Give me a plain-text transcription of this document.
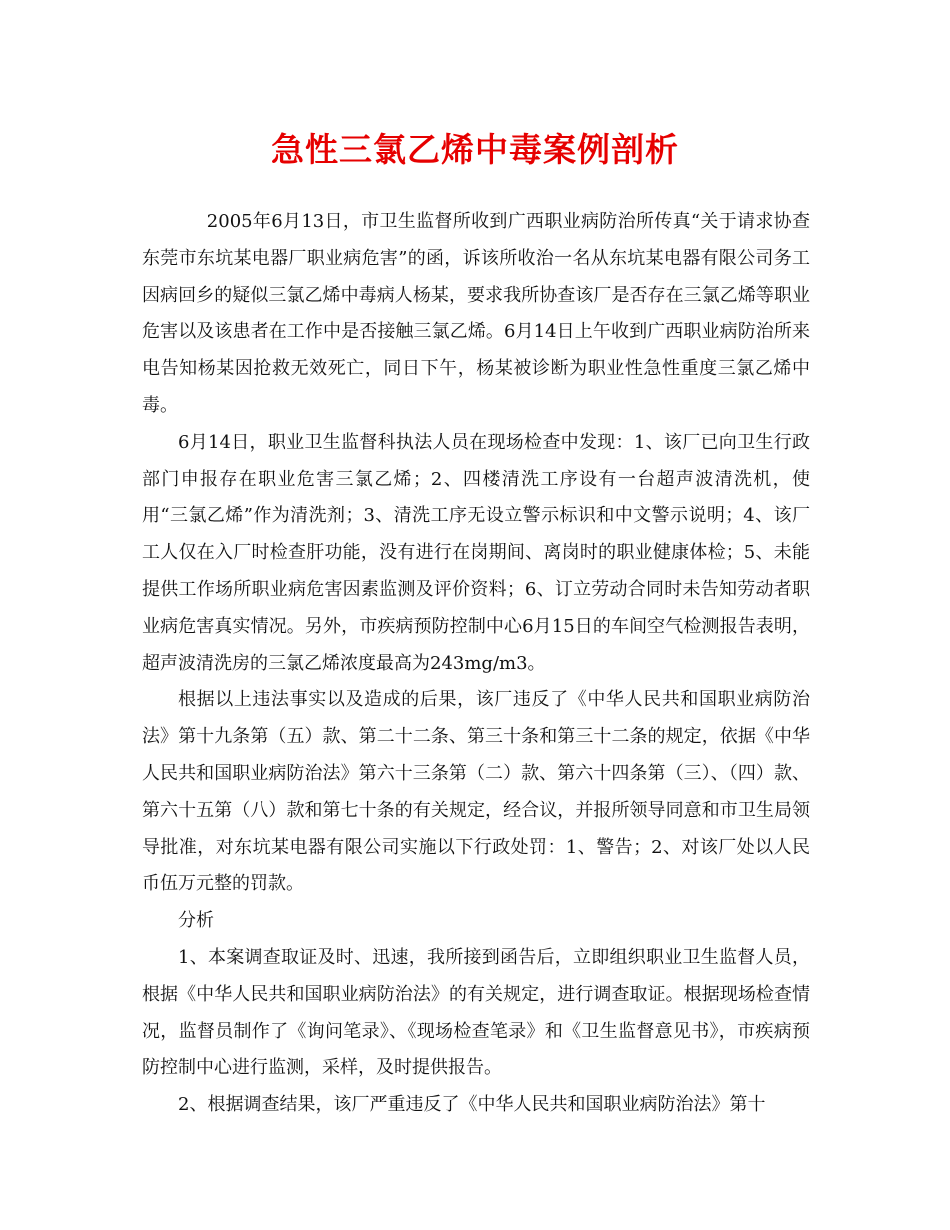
急性三氯乙烯中毒案例剖析

2005年6月13日，市卫生监督所收到广西职业病防治所传真“关于请求协查东莞市东坑某电器厂职业病危害”的函，诉该所收治一名从东坑某电器有限公司务工因病回乡的疑似三氯乙烯中毒病人杨某，要求我所协查该厂是否存在三氯乙烯等职业危害以及该患者在工作中是否接触三氯乙烯。6月14日上午收到广西职业病防治所来电告知杨某因抢救无效死亡，同日下午，杨某被诊断为职业性急性重度三氯乙烯中毒。

6月14日，职业卫生监督科执法人员在现场检查中发现：1、该厂已向卫生行政部门申报存在职业危害三氯乙烯；2、四楼清洗工序设有一台超声波清洗机，使用“三氯乙烯”作为清洗剂；3、清洗工序无设立警示标识和中文警示说明；4、该厂工人仅在入厂时检查肝功能，没有进行在岗期间、离岗时的职业健康体检；5、未能提供工作场所职业病危害因素监测及评价资料；6、订立劳动合同时未告知劳动者职业病危害真实情况。另外，市疾病预防控制中心6月15日的车间空气检测报告表明，超声波清洗房的三氯乙烯浓度最高为243mg/m3。

根据以上违法事实以及造成的后果，该厂违反了《中华人民共和国职业病防治法》第十九条第（五）款、第二十二条、第三十条和第三十二条的规定，依据《中华人民共和国职业病防治法》第六十三条第（二）款、第六十四条第（三）、（四）款、第六十五第（八）款和第七十条的有关规定，经合议，并报所领导同意和市卫生局领导批准，对东坑某电器有限公司实施以下行政处罚：1、警告；2、对该厂处以人民币伍万元整的罚款。

分析

1、本案调查取证及时、迅速，我所接到函告后，立即组织职业卫生监督人员，根据《中华人民共和国职业病防治法》的有关规定，进行调查取证。根据现场检查情况，监督员制作了《询问笔录》、《现场检查笔录》和《卫生监督意见书》，市疾病预防控制中心进行监测，采样，及时提供报告。

2、根据调查结果，该厂严重违反了《中华人民共和国职业病防治法》第十
